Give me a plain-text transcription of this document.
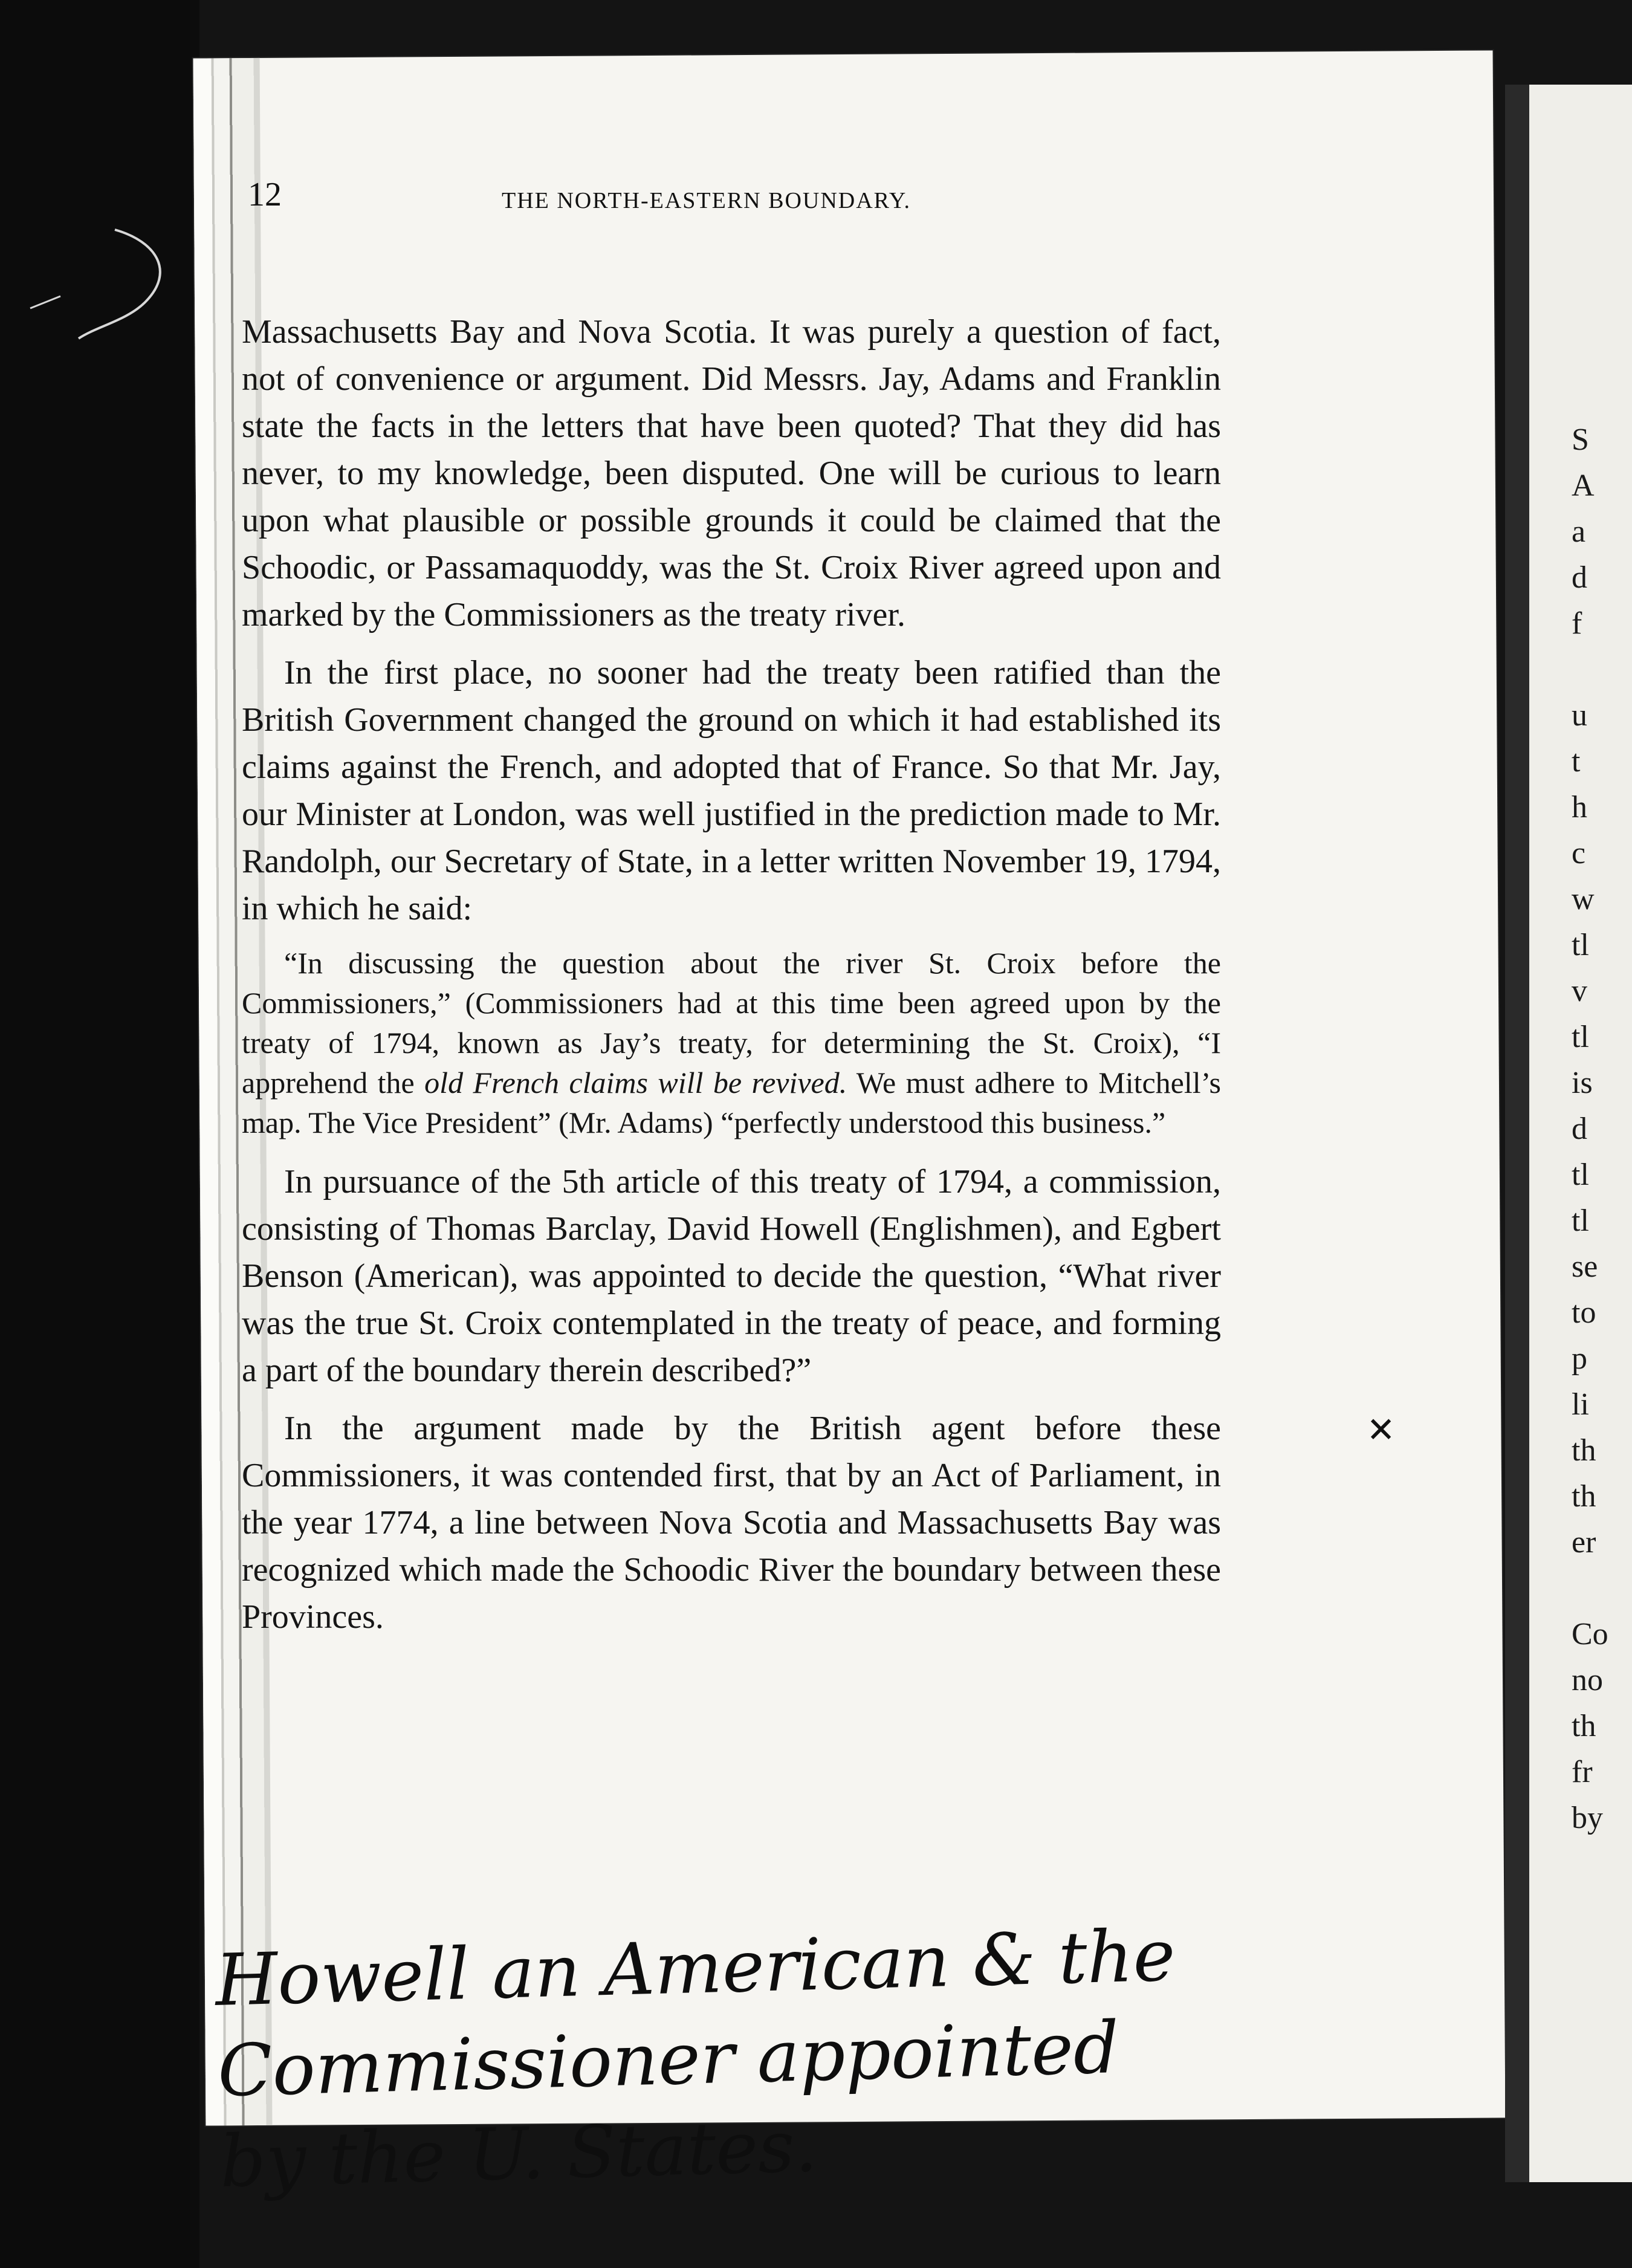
S
A
a
d
f
u
t
h
c
w
tl
v
tl
is
d
tl
tl
se
to
p
li
th
th
er
Co
no
th
fr
by
12	THE NORTH-EASTERN BOUNDARY.

Massachusetts Bay and Nova Scotia. It was purely a question of fact, not of convenience or argument. Did Messrs. Jay, Adams and Franklin state the facts in the letters that have been quoted? That they did has never, to my knowledge, been disputed. One will be curious to learn upon what plausible or possible grounds it could be claimed that the Schoodic, or Passamaquoddy, was the St. Croix River agreed upon and marked by the Commissioners as the treaty river.

In the first place, no sooner had the treaty been ratified than the British Government changed the ground on which it had established its claims against the French, and adopted that of France. So that Mr. Jay, our Minister at London, was well justified in the prediction made to Mr. Randolph, our Secretary of State, in a letter written November 19, 1794, in which he said:

“In discussing the question about the river St. Croix before the Commissioners,” (Commissioners had at this time been agreed upon by the treaty of 1794, known as Jay’s treaty, for determining the St. Croix), “I apprehend the old French claims will be revived. We must adhere to Mitchell’s map. The Vice President” (Mr. Adams) “perfectly understood this business.”

In pursuance of the 5th article of this treaty of 1794, a commission, consisting of Thomas Barclay, David Howell (Englishmen), and Egbert Benson (American), was appointed to decide the question, “What river was the true St. Croix contemplated in the treaty of peace, and forming a part of the boundary therein described?”

In the argument made by the British agent before these Commissioners, it was contended first, that by an Act of Parliament, in the year 1774, a line between Nova Scotia and Massachusetts Bay was recognized which made the Schoodic River the boundary between these Provinces.

×
Howell an American & the Commissioner appointed by the U. States.
